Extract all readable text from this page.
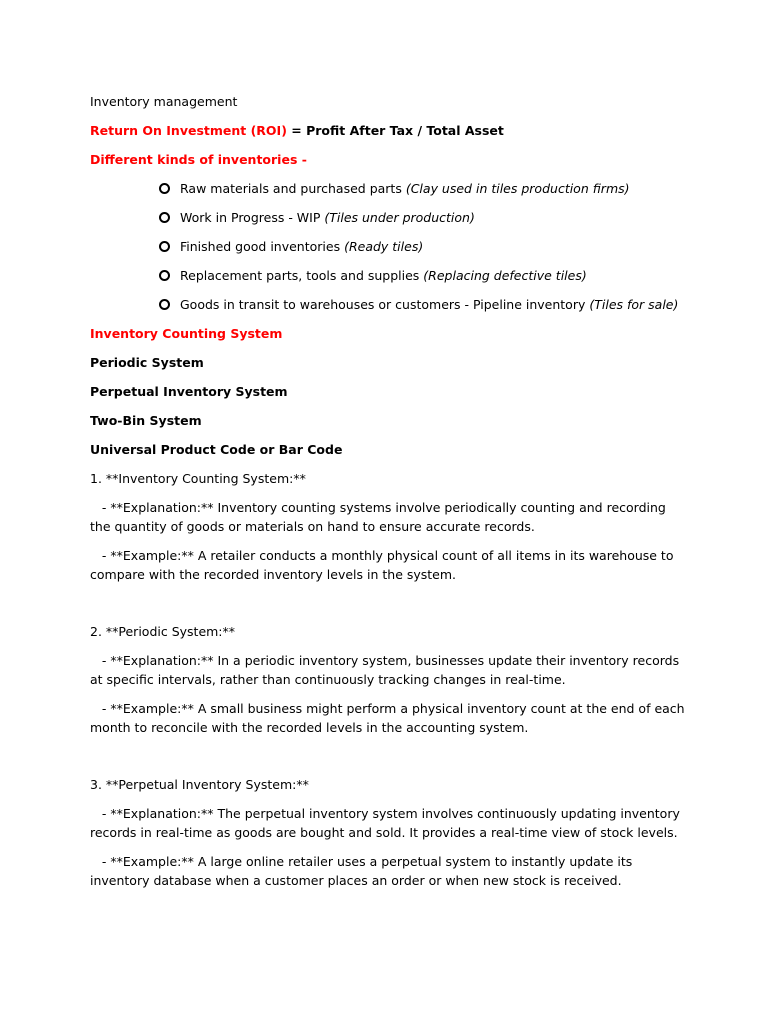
Inventory management

Return On Investment (ROI) = Profit After Tax / Total Asset

Different kinds of inventories -

Raw materials and purchased parts (Clay used in tiles production firms)
Work in Progress - WIP (Tiles under production)
Finished good inventories (Ready tiles)
Replacement parts, tools and supplies (Replacing defective tiles)
Goods in transit to warehouses or customers - Pipeline inventory (Tiles for sale)

Inventory Counting System

Periodic System

Perpetual Inventory System

Two-Bin System

Universal Product Code or Bar Code

1. **Inventory Counting System:**

- **Explanation:** Inventory counting systems involve periodically counting and recording the quantity of goods or materials on hand to ensure accurate records.

- **Example:** A retailer conducts a monthly physical count of all items in its warehouse to compare with the recorded inventory levels in the system.

2. **Periodic System:**

- **Explanation:** In a periodic inventory system, businesses update their inventory records at specific intervals, rather than continuously tracking changes in real-time.

- **Example:** A small business might perform a physical inventory count at the end of each month to reconcile with the recorded levels in the accounting system.

3. **Perpetual Inventory System:**

- **Explanation:** The perpetual inventory system involves continuously updating inventory records in real-time as goods are bought and sold. It provides a real-time view of stock levels.

- **Example:** A large online retailer uses a perpetual system to instantly update its inventory database when a customer places an order or when new stock is received.
